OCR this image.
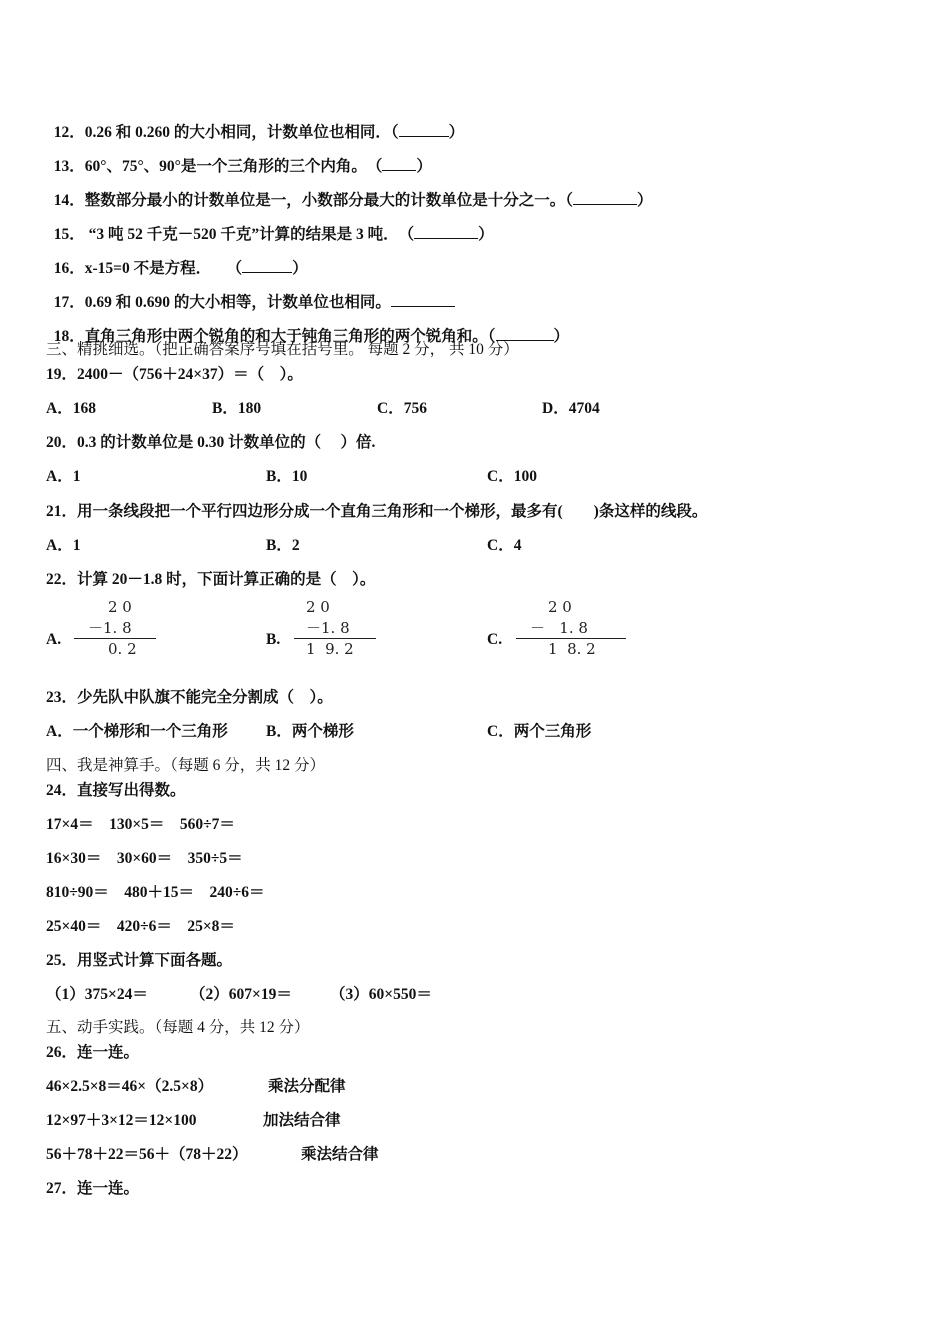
12．0.26 和 0.260 的大小相同，计数单位也相同．（	）

13．60°、75°、90°是一个三角形的三个内角。　（ ）

14．整数部分最小的计数单位是一，小数部分最大的计数单位是十分之一。（	）

15． “3 吨 52 千克－520 千克”计算的结果是 3 吨．　（	）

16．x-15=0 不是方程．　　（	）

17．0.69 和 0.690 的大小相等，计数单位也相同。

18．直角三角形中两个锐角的和大于钝角三角形的两个锐角和。（	）

三、精挑细选。（把正确答案序号填在括号里。 每题 2 分， 共 10 分）
19．2400－（756＋24×37）＝（　）。
A．168	B．180	C．756	D．4704
20．0.3 的计数单位是 0.30 计数单位的（　 ）倍.
A．1	B．10	C．100
21．用一条线段把一个平行四边形分成一个直角三角形和一个梯形，最多有(　　)条这样的线段。
A．1	B．2	C．4
22．计算 20－1.8 时，下面计算正确的是（　）。
A.
2 0
－1. 8
0. 2
B.
2 0
－1. 8
1  9. 2
C.
2 0
－   1. 8
1  8. 2
23．少先队中队旗不能完全分割成（　）。
A．一个梯形和一个三角形 B．两个梯形	C．两个三角形
四、我是神算手。（每题 6 分，共 12 分）
24．直接写出得数。
17×4＝　130×5＝　560÷7＝
16×30＝　30×60＝　350÷5＝
810÷90＝　480＋15＝　240÷6＝
25×40＝　420÷6＝　25×8＝
25．用竖式计算下面各题。
（1）375×24＝	（2）607×19＝ （3）60×550＝
五、动手实践。（每题 4 分，共 12 分）
26．连一连。
46×2.5×8＝46×（2.5×8）	乘法分配律
12×97＋3×12＝12×100	加法结合律
56＋78＋22＝56＋（78＋22）	乘法结合律
27．连一连。
